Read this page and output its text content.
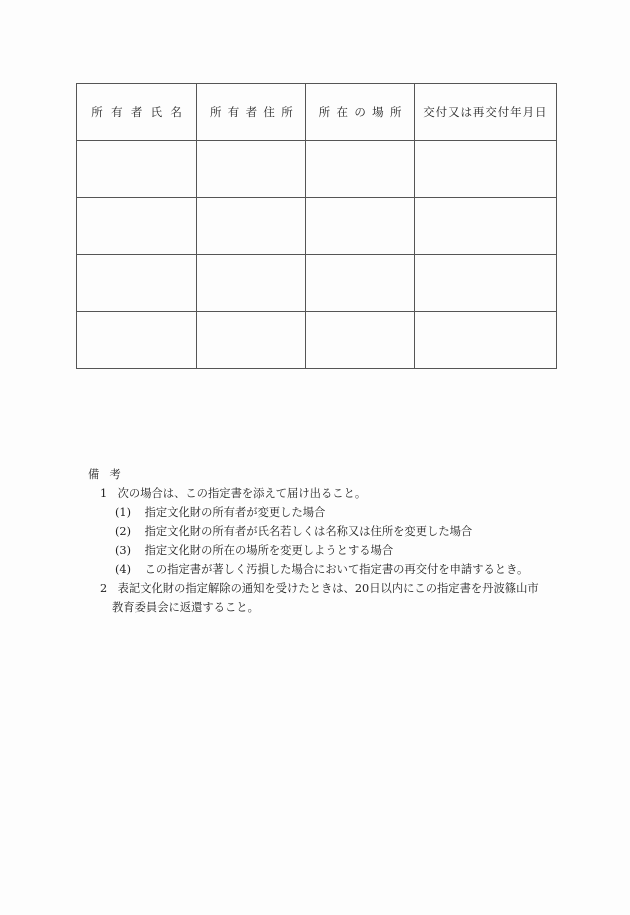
所有者氏名	所有者住所	所在の場所	交付又は再交付年月日

備考
1 次の場合は、この指定書を添えて届け出ること。
(1) 指定文化財の所有者が変更した場合
(2) 指定文化財の所有者が氏名若しくは名称又は住所を変更した場合
(3) 指定文化財の所在の場所を変更しようとする場合
(4) この指定書が著しく汚損した場合において指定書の再交付を申請するとき。
2 表記文化財の指定解除の通知を受けたときは、20日以内にこの指定書を丹波篠山市
教育委員会に返還すること。
